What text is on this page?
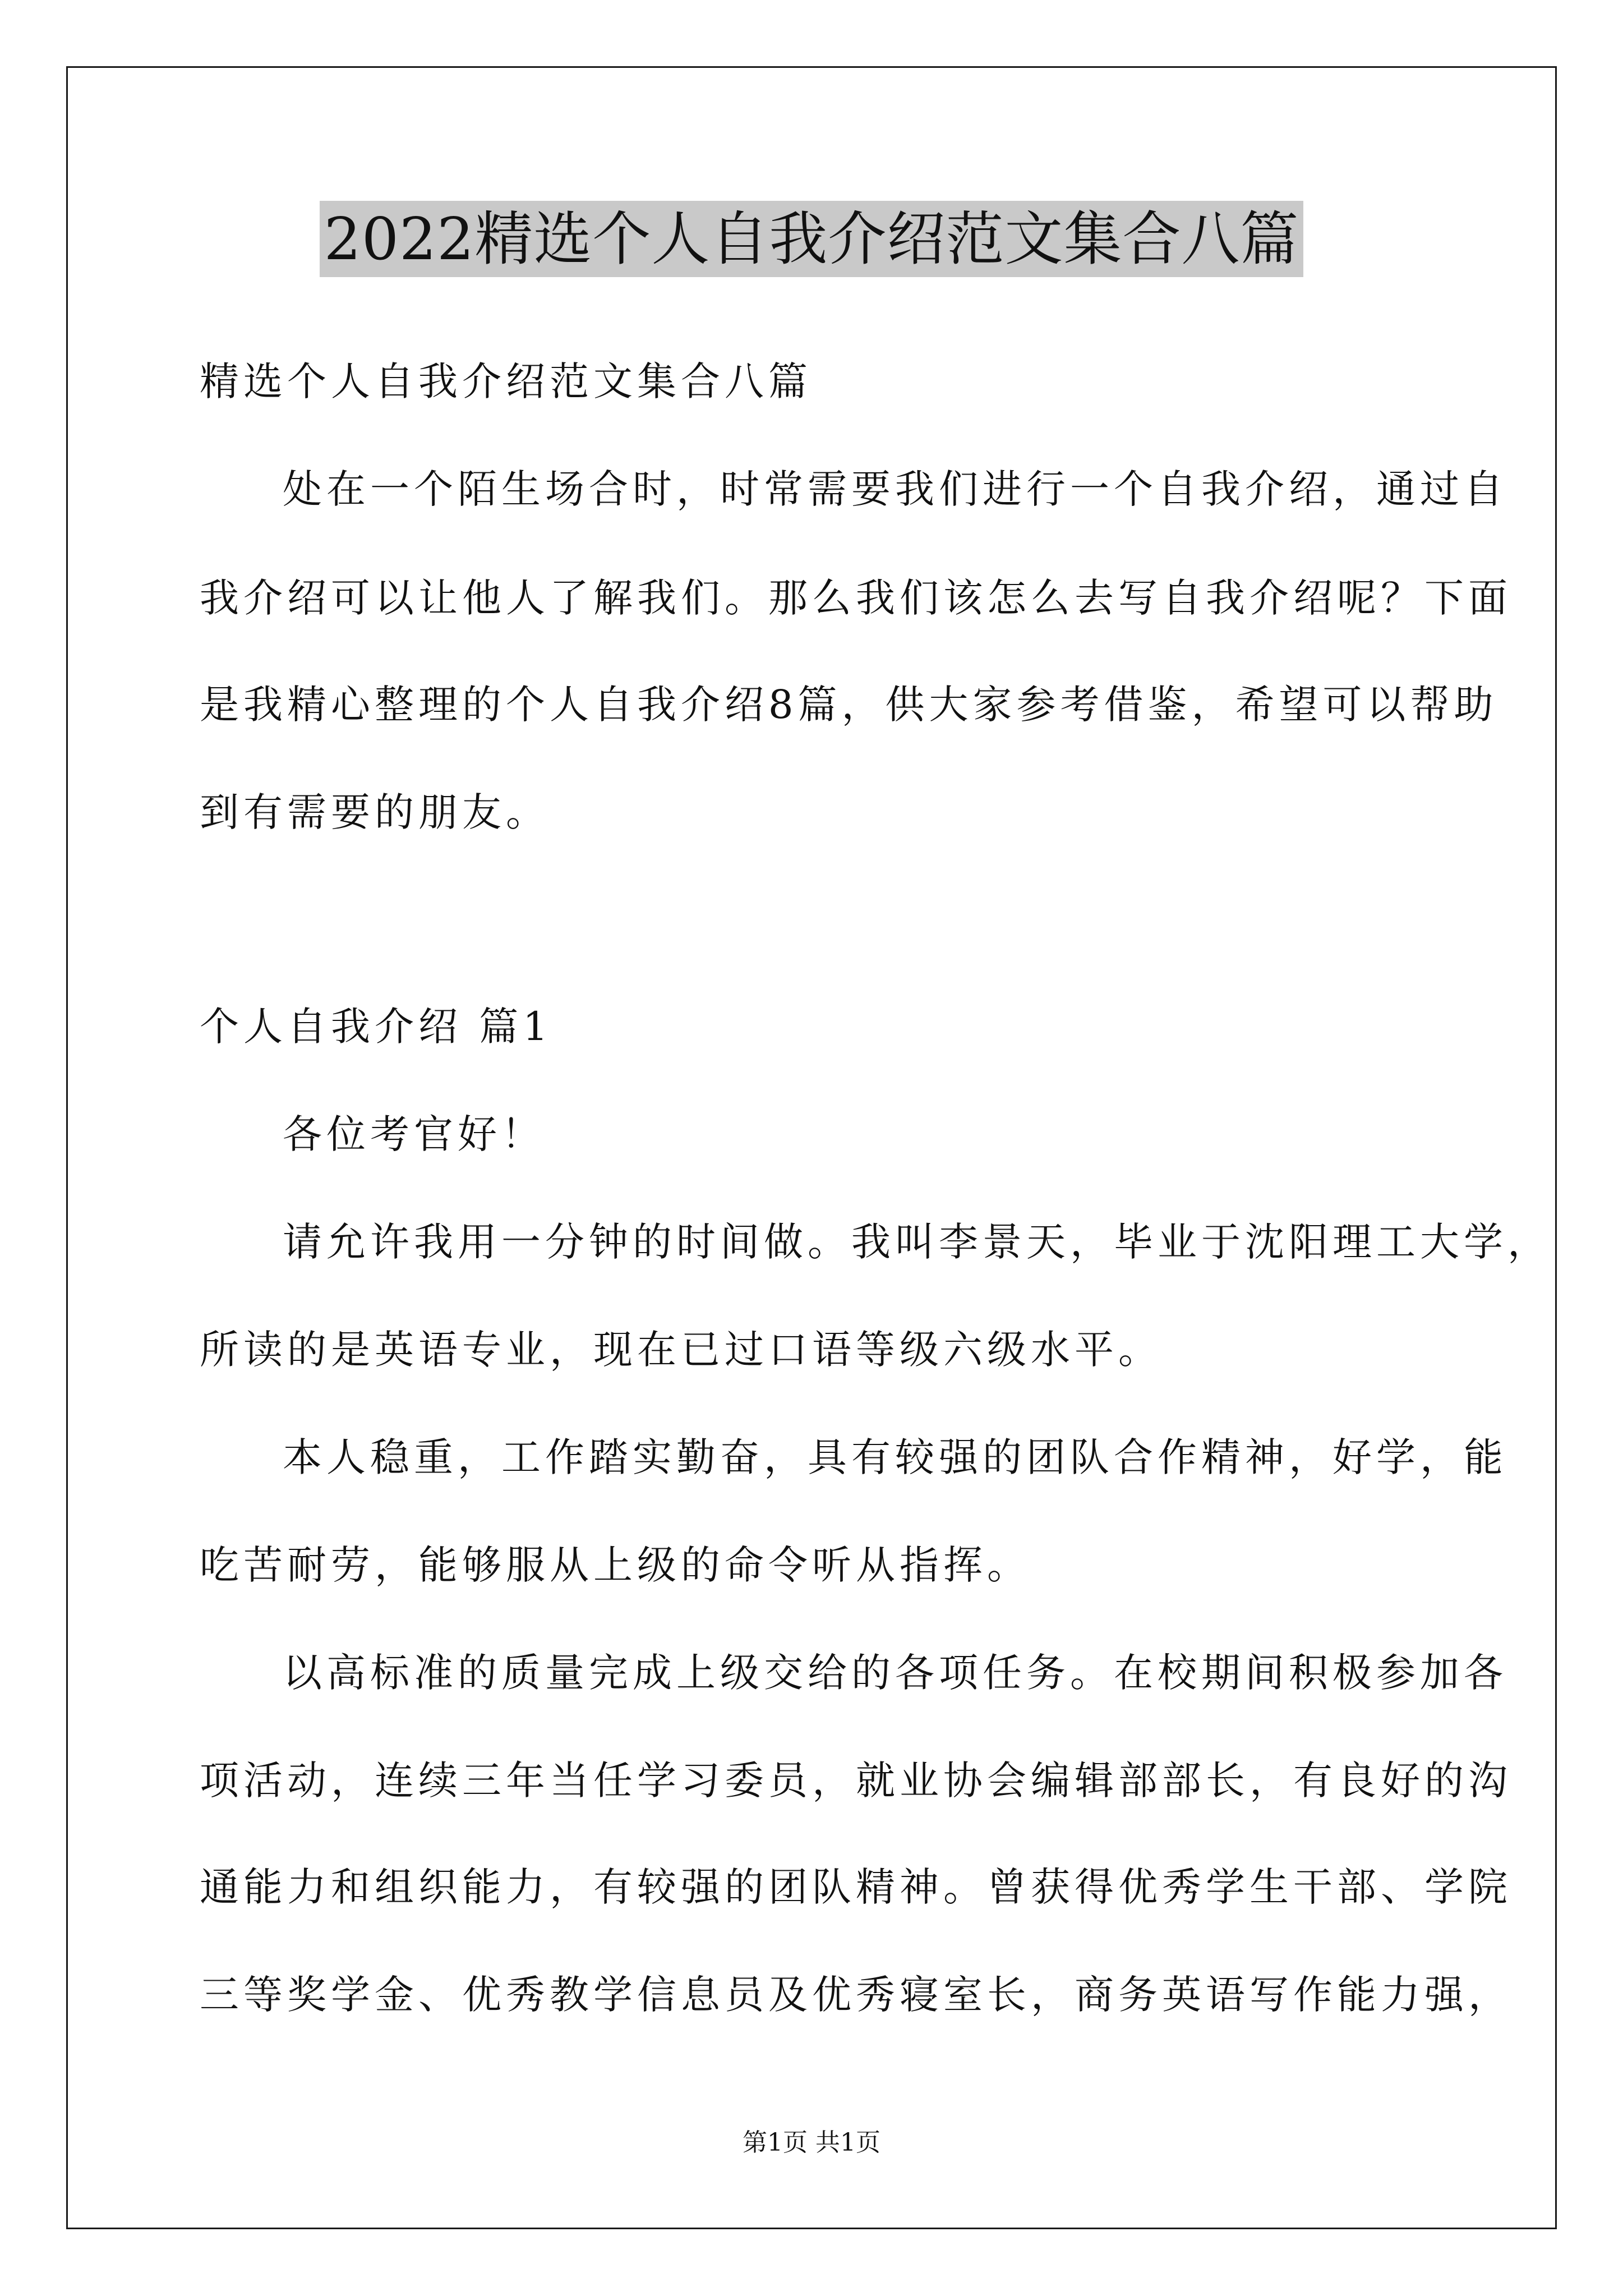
2022精选个人自我介绍范文集合八篇
精选个人自我介绍范文集合八篇
处在一个陌生场合时，时常需要我们进行一个自我介绍，通过自
我介绍可以让他人了解我们。那么我们该怎么去写自我介绍呢？下面
是我精心整理的个人自我介绍8篇，供大家参考借鉴，希望可以帮助
到有需要的朋友。
个人自我介绍 篇1
各位考官好！
请允许我用一分钟的时间做。我叫李景天，毕业于沈阳理工大学，
所读的是英语专业，现在已过口语等级六级水平。
本人稳重，工作踏实勤奋，具有较强的团队合作精神，好学，能
吃苦耐劳，能够服从上级的命令听从指挥。
以高标准的质量完成上级交给的各项任务。在校期间积极参加各
项活动，连续三年当任学习委员，就业协会编辑部部长，有良好的沟
通能力和组织能力，有较强的团队精神。曾获得优秀学生干部、学院
三等奖学金、优秀教学信息员及优秀寝室长，商务英语写作能力强，
第1页 共1页
